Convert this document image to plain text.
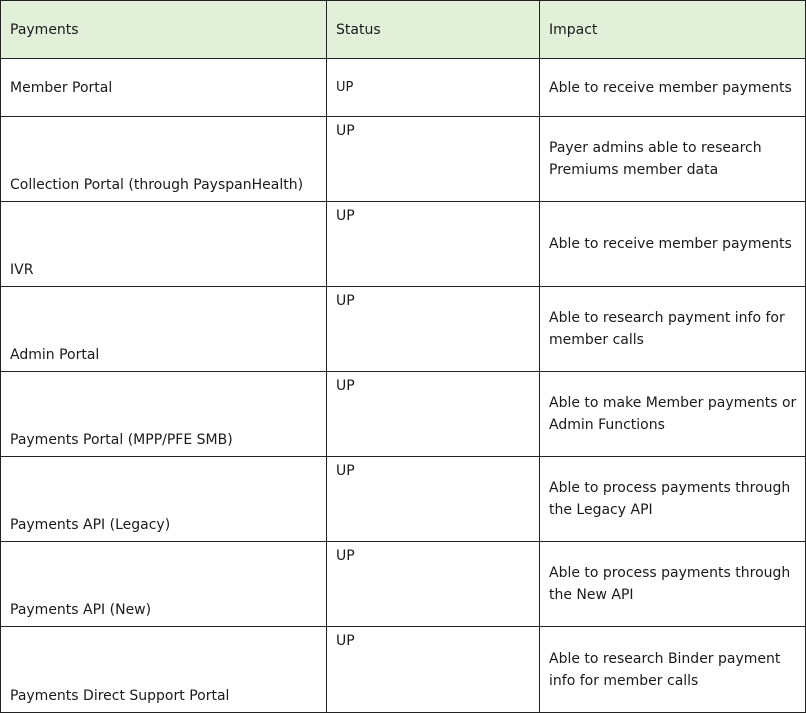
Payments	Status	Impact
Member Portal	UP	Able to receive member payments
Collection Portal (through PayspanHealth)	UP	Payer admins able to research Premiums member data
IVR	UP	Able to receive member payments
Admin Portal	UP	Able to research payment info for member calls
Payments Portal (MPP/PFE SMB)	UP	Able to make Member payments or Admin Functions
Payments API (Legacy)	UP	Able to process payments through the Legacy API
Payments API (New)	UP	Able to process payments through the New API
Payments Direct Support Portal	UP	Able to research Binder payment info for member calls
